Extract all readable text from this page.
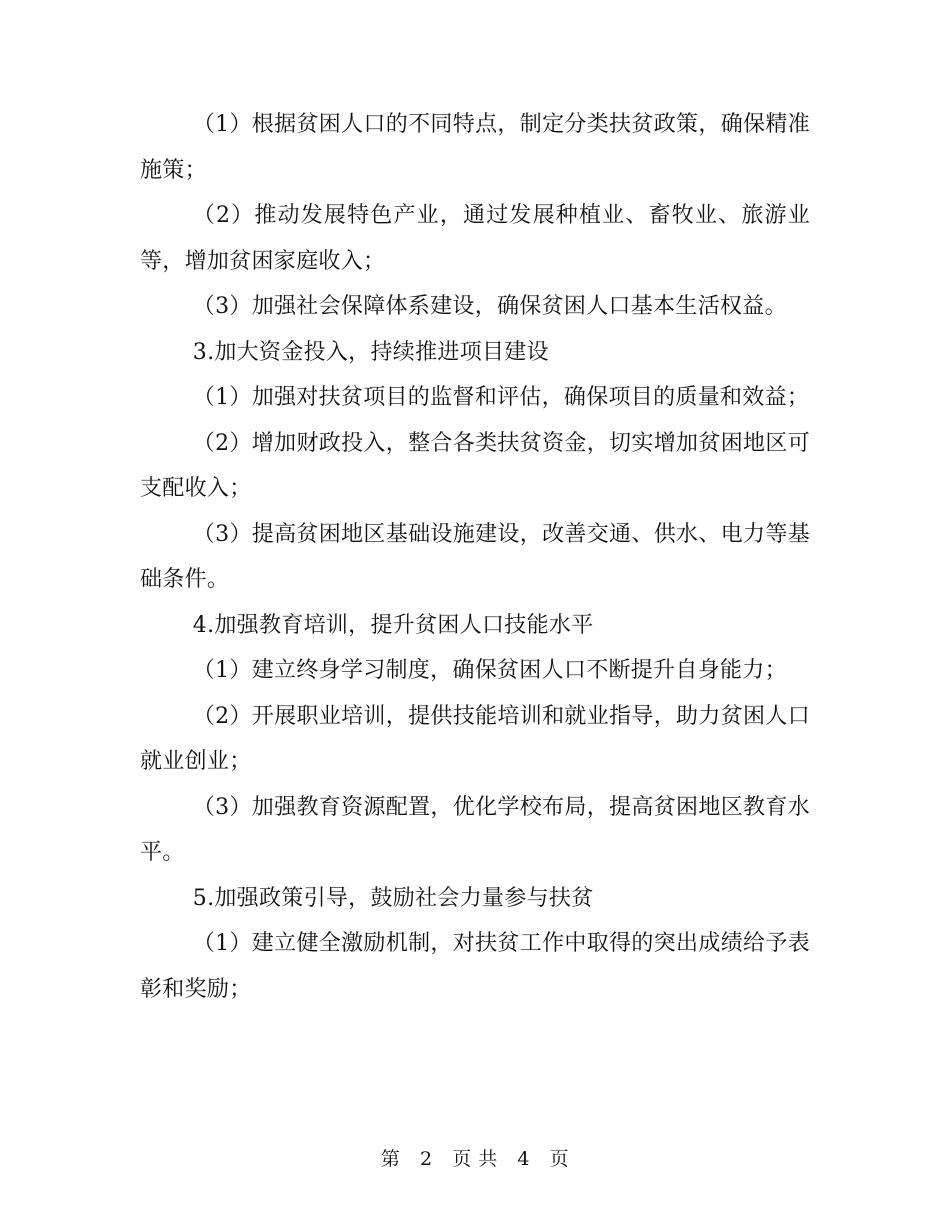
（1）根据贫困人口的不同特点，制定分类扶贫政策，确保精准施策；

（2）推动发展特色产业，通过发展种植业、畜牧业、旅游业等，增加贫困家庭收入；

（3）加强社会保障体系建设，确保贫困人口基本生活权益。

3.加大资金投入，持续推进项目建设

（1）加强对扶贫项目的监督和评估，确保项目的质量和效益；

（2）增加财政投入，整合各类扶贫资金，切实增加贫困地区可支配收入；

（3）提高贫困地区基础设施建设，改善交通、供水、电力等基础条件。

4.加强教育培训，提升贫困人口技能水平

（1）建立终身学习制度，确保贫困人口不断提升自身能力；

（2）开展职业培训，提供技能培训和就业指导，助力贫困人口就业创业；

（3）加强教育资源配置，优化学校布局，提高贫困地区教育水平。

5.加强政策引导，鼓励社会力量参与扶贫

（1）建立健全激励机制，对扶贫工作中取得的突出成绩给予表彰和奖励；

第 2 页 共 4 页
